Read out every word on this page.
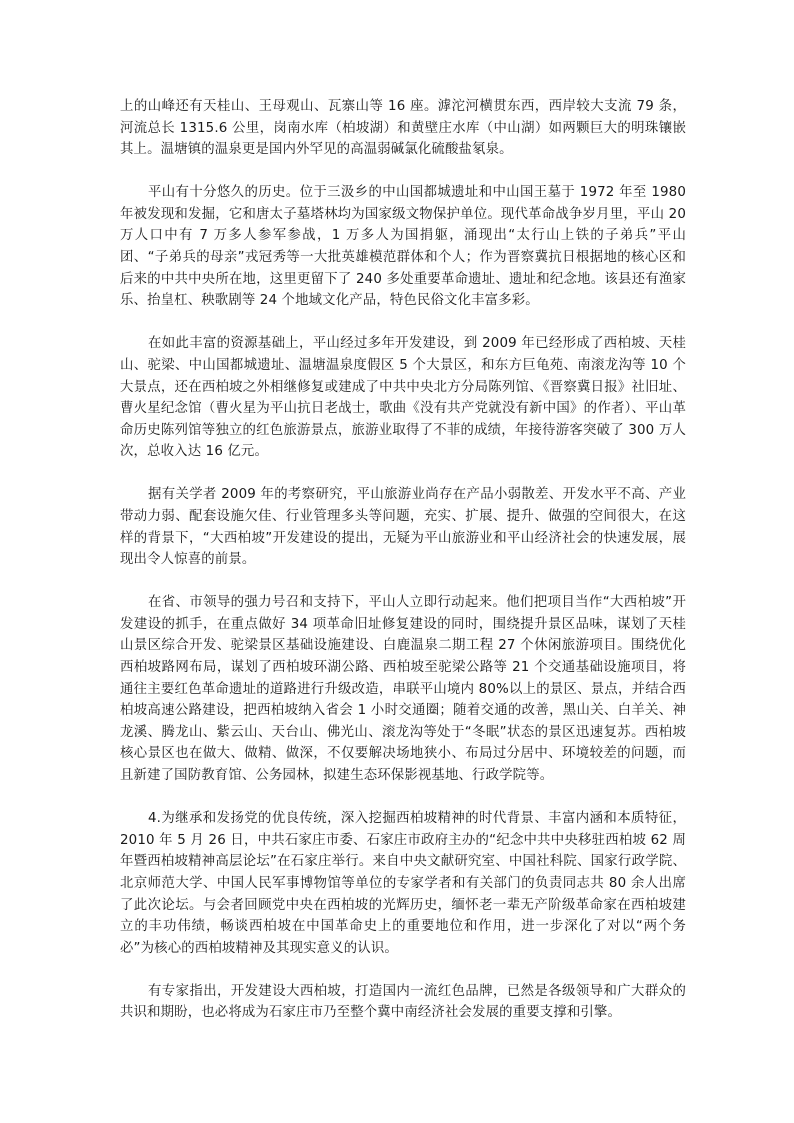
上的山峰还有天桂山、王母观山、瓦寨山等 16 座。滹沱河横贯东西，西岸较大支流 79 条，河流总长 1315.6 公里，岗南水库（柏坡湖）和黄壁庄水库（中山湖）如两颗巨大的明珠镶嵌其上。温塘镇的温泉更是国内外罕见的高温弱碱氯化硫酸盐氡泉。

平山有十分悠久的历史。位于三汲乡的中山国都城遗址和中山国王墓于 1972 年至 1980 年被发现和发掘，它和唐太子墓塔林均为国家级文物保护单位。现代革命战争岁月里，平山 20 万人口中有 7 万多人参军参战，1 万多人为国捐躯，涌现出“太行山上铁的子弟兵”平山团、“子弟兵的母亲”戎冠秀等一大批英雄模范群体和个人；作为晋察冀抗日根据地的核心区和后来的中共中央所在地，这里更留下了 240 多处重要革命遗址、遗址和纪念地。该县还有渔家乐、抬皇杠、秧歌剧等 24 个地域文化产品，特色民俗文化丰富多彩。

在如此丰富的资源基础上，平山经过多年开发建设，到 2009 年已经形成了西柏坡、天桂山、驼梁、中山国都城遗址、温塘温泉度假区 5 个大景区，和东方巨龟苑、南滚龙沟等 10 个大景点，还在西柏坡之外相继修复或建成了中共中央北方分局陈列馆、《晋察冀日报》社旧址、曹火星纪念馆（曹火星为平山抗日老战士，歌曲《没有共产党就没有新中国》的作者）、平山革命历史陈列馆等独立的红色旅游景点，旅游业取得了不菲的成绩，年接待游客突破了 300 万人次，总收入达 16 亿元。

据有关学者 2009 年的考察研究，平山旅游业尚存在产品小弱散差、开发水平不高、产业带动力弱、配套设施欠佳、行业管理多头等问题，充实、扩展、提升、做强的空间很大，在这样的背景下，“大西柏坡”开发建设的提出，无疑为平山旅游业和平山经济社会的快速发展，展现出令人惊喜的前景。

在省、市领导的强力号召和支持下，平山人立即行动起来。他们把项目当作“大西柏坡”开发建设的抓手，在重点做好 34 项革命旧址修复建设的同时，围绕提升景区品味，谋划了天桂山景区综合开发、驼梁景区基础设施建设、白鹿温泉二期工程 27 个休闲旅游项目。围绕优化西柏坡路网布局，谋划了西柏坡环湖公路、西柏坡至驼梁公路等 21 个交通基础设施项目，将通往主要红色革命遗址的道路进行升级改造，串联平山境内 80%以上的景区、景点，并结合西柏坡高速公路建设，把西柏坡纳入省会 1 小时交通圈；随着交通的改善，黑山关、白羊关、神龙溪、腾龙山、紫云山、天台山、佛光山、滚龙沟等处于“冬眠”状态的景区迅速复苏。西柏坡核心景区也在做大、做精、做深，不仅要解决场地狭小、布局过分居中、环境较差的问题，而且新建了国防教育馆、公务园林，拟建生态环保影视基地、行政学院等。

4.为继承和发扬党的优良传统，深入挖掘西柏坡精神的时代背景、丰富内涵和本质特征，2010 年 5 月 26 日，中共石家庄市委、石家庄市政府主办的“纪念中共中央移驻西柏坡 62 周年暨西柏坡精神高层论坛”在石家庄举行。来自中央文献研究室、中国社科院、国家行政学院、北京师范大学、中国人民军事博物馆等单位的专家学者和有关部门的负责同志共 80 余人出席了此次论坛。与会者回顾党中央在西柏坡的光辉历史，缅怀老一辈无产阶级革命家在西柏坡建立的丰功伟绩，畅谈西柏坡在中国革命史上的重要地位和作用，进一步深化了对以“两个务必”为核心的西柏坡精神及其现实意义的认识。

有专家指出，开发建设大西柏坡，打造国内一流红色品牌，已然是各级领导和广大群众的共识和期盼，也必将成为石家庄市乃至整个冀中南经济社会发展的重要支撑和引擎。
